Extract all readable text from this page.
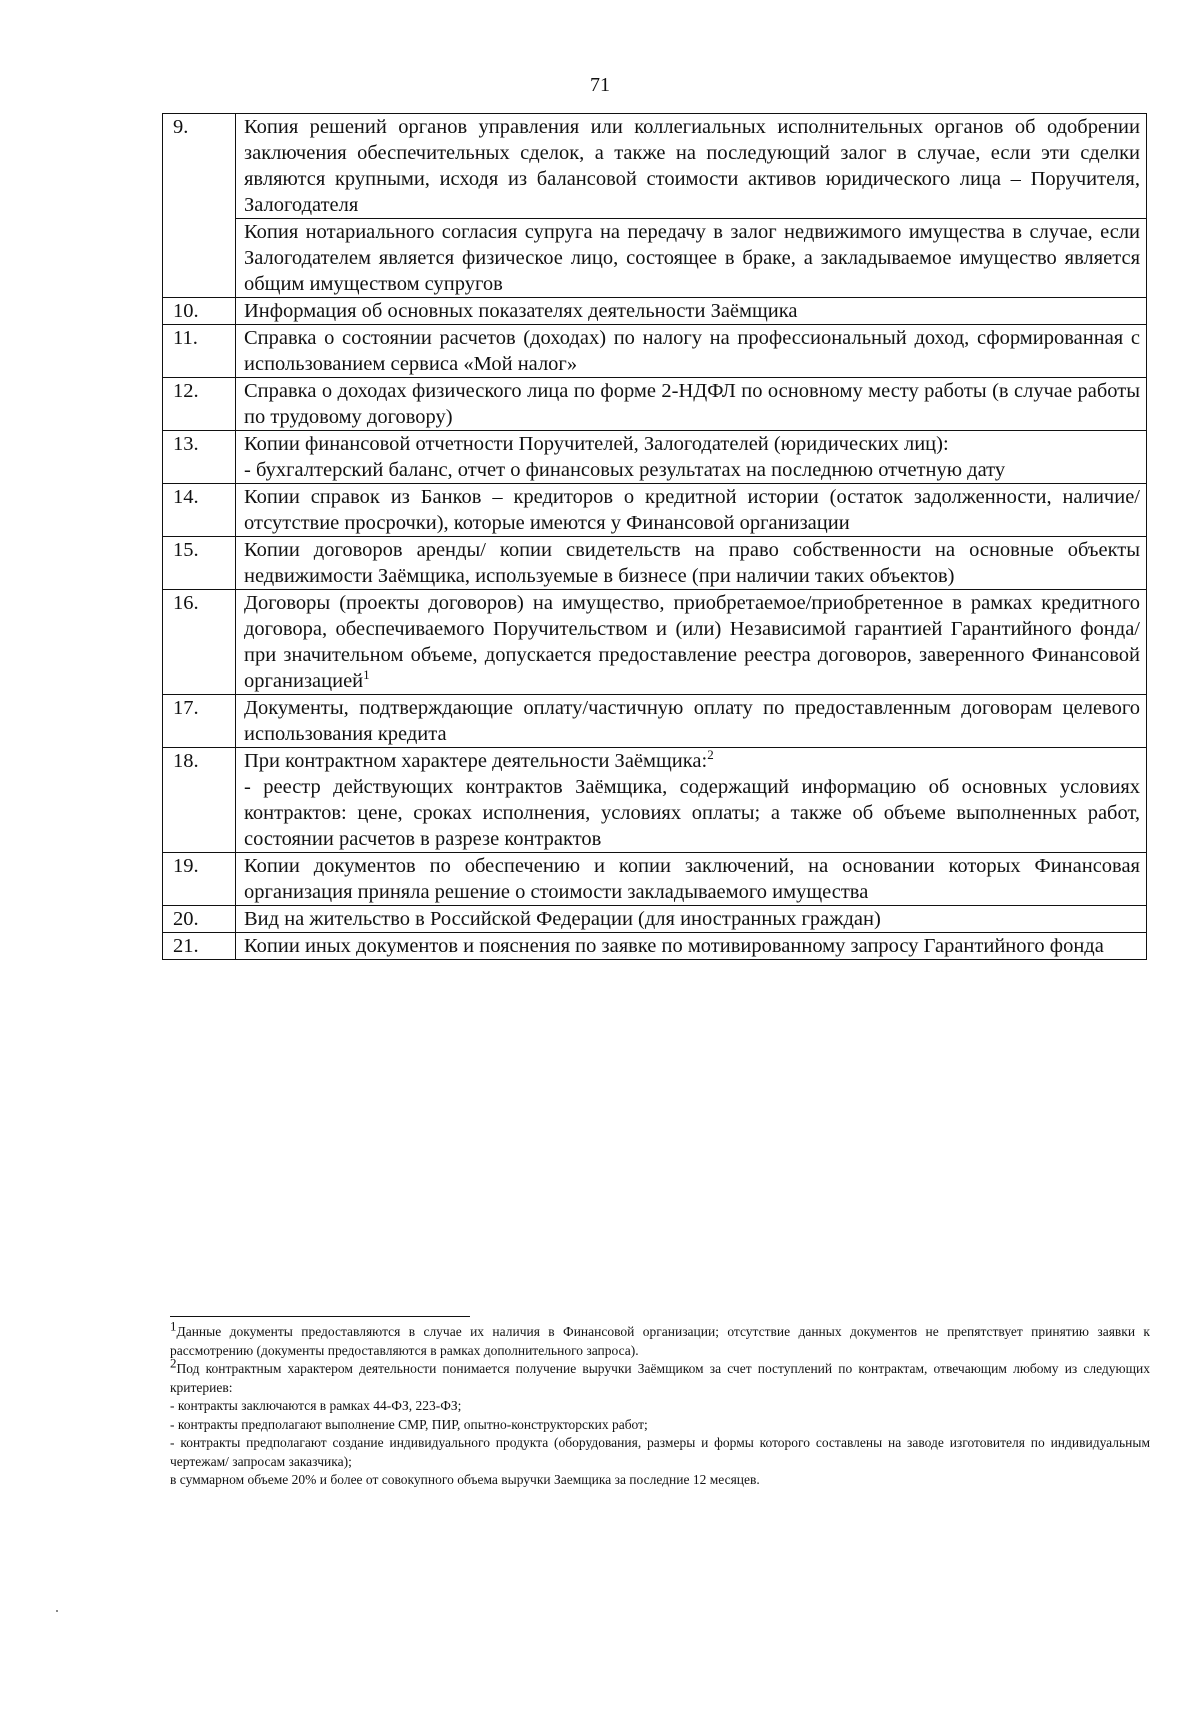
71
9.	Копия решений органов управления или коллегиальных исполнительных органов об одобрении заключения обеспечительных сделок, а также на последующий залог в случае, если эти сделки являются крупными, исходя из балансовой стоимости активов юридического лица – Поручителя, Залогодателя
	Копия нотариального согласия супруга на передачу в залог недвижимого имущества в случае, если Залогодателем является физическое лицо, состоящее в браке, а закладываемое имущество является общим имуществом супругов
10.	Информация об основных показателях деятельности Заёмщика
11.	Справка о состоянии расчетов (доходах) по налогу на профессиональный доход, сформированная с использованием сервиса «Мой налог»
12.	Справка о доходах физического лица по форме 2-НДФЛ по основному месту работы (в случае работы по трудовому договору)
13.	Копии финансовой отчетности Поручителей, Залогодателей (юридических лиц):
- бухгалтерский баланс, отчет о финансовых результатах на последнюю отчетную дату

14.	Копии справок из Банков – кредиторов о кредитной истории (остаток задолженности, наличие/отсутствие просрочки), которые имеются у Финансовой организации
15.	Копии договоров аренды/ копии свидетельств на право собственности на основные объекты недвижимости Заёмщика, используемые в бизнесе (при наличии таких объектов)
16.	Договоры (проекты договоров) на имущество, приобретаемое/приобретенное в рамках кредитного договора, обеспечиваемого Поручительством и (или) Независимой гарантией Гарантийного фонда/ при значительном объеме, допускается предоставление реестра договоров, заверенного Финансовой организацией$^1$
17.	Документы, подтверждающие оплату/частичную оплату по предоставленным договорам целевого использования кредита
18.	При контрактном характере деятельности Заёмщика:$^2$
- реестр действующих контрактов Заёмщика, содержащий информацию об основных условиях контрактов: цене, сроках исполнения, условиях оплаты; а также об объеме выполненных работ, состоянии расчетов в разрезе контрактов

19.	Копии документов по обеспечению и копии заключений, на основании которых Финансовая организация приняла решение о стоимости закладываемого имущества
20.	Вид на жительство в Российской Федерации (для иностранных граждан)
21.	Копии иных документов и пояснения по заявке по мотивированному запросу Гарантийного фонда
1Данные документы предоставляются в случае их наличия в Финансовой организации; отсутствие данных документов не препятствует принятию заявки к рассмотрению (документы предоставляются в рамках дополнительного запроса).
2Под контрактным характером деятельности понимается получение выручки Заёмщиком за счет поступлений по контрактам, отвечающим любому из следующих критериев:
- контракты заключаются в рамках 44-ФЗ, 223-ФЗ;
- контракты предполагают выполнение СМР, ПИР, опытно-конструкторских работ;
- контракты предполагают создание индивидуального продукта (оборудования, размеры и формы которого составлены на заводе изготовителя по индивидуальным чертежам/ запросам заказчика);
в суммарном объеме 20% и более от совокупного объема выручки Заемщика за последние 12 месяцев.
